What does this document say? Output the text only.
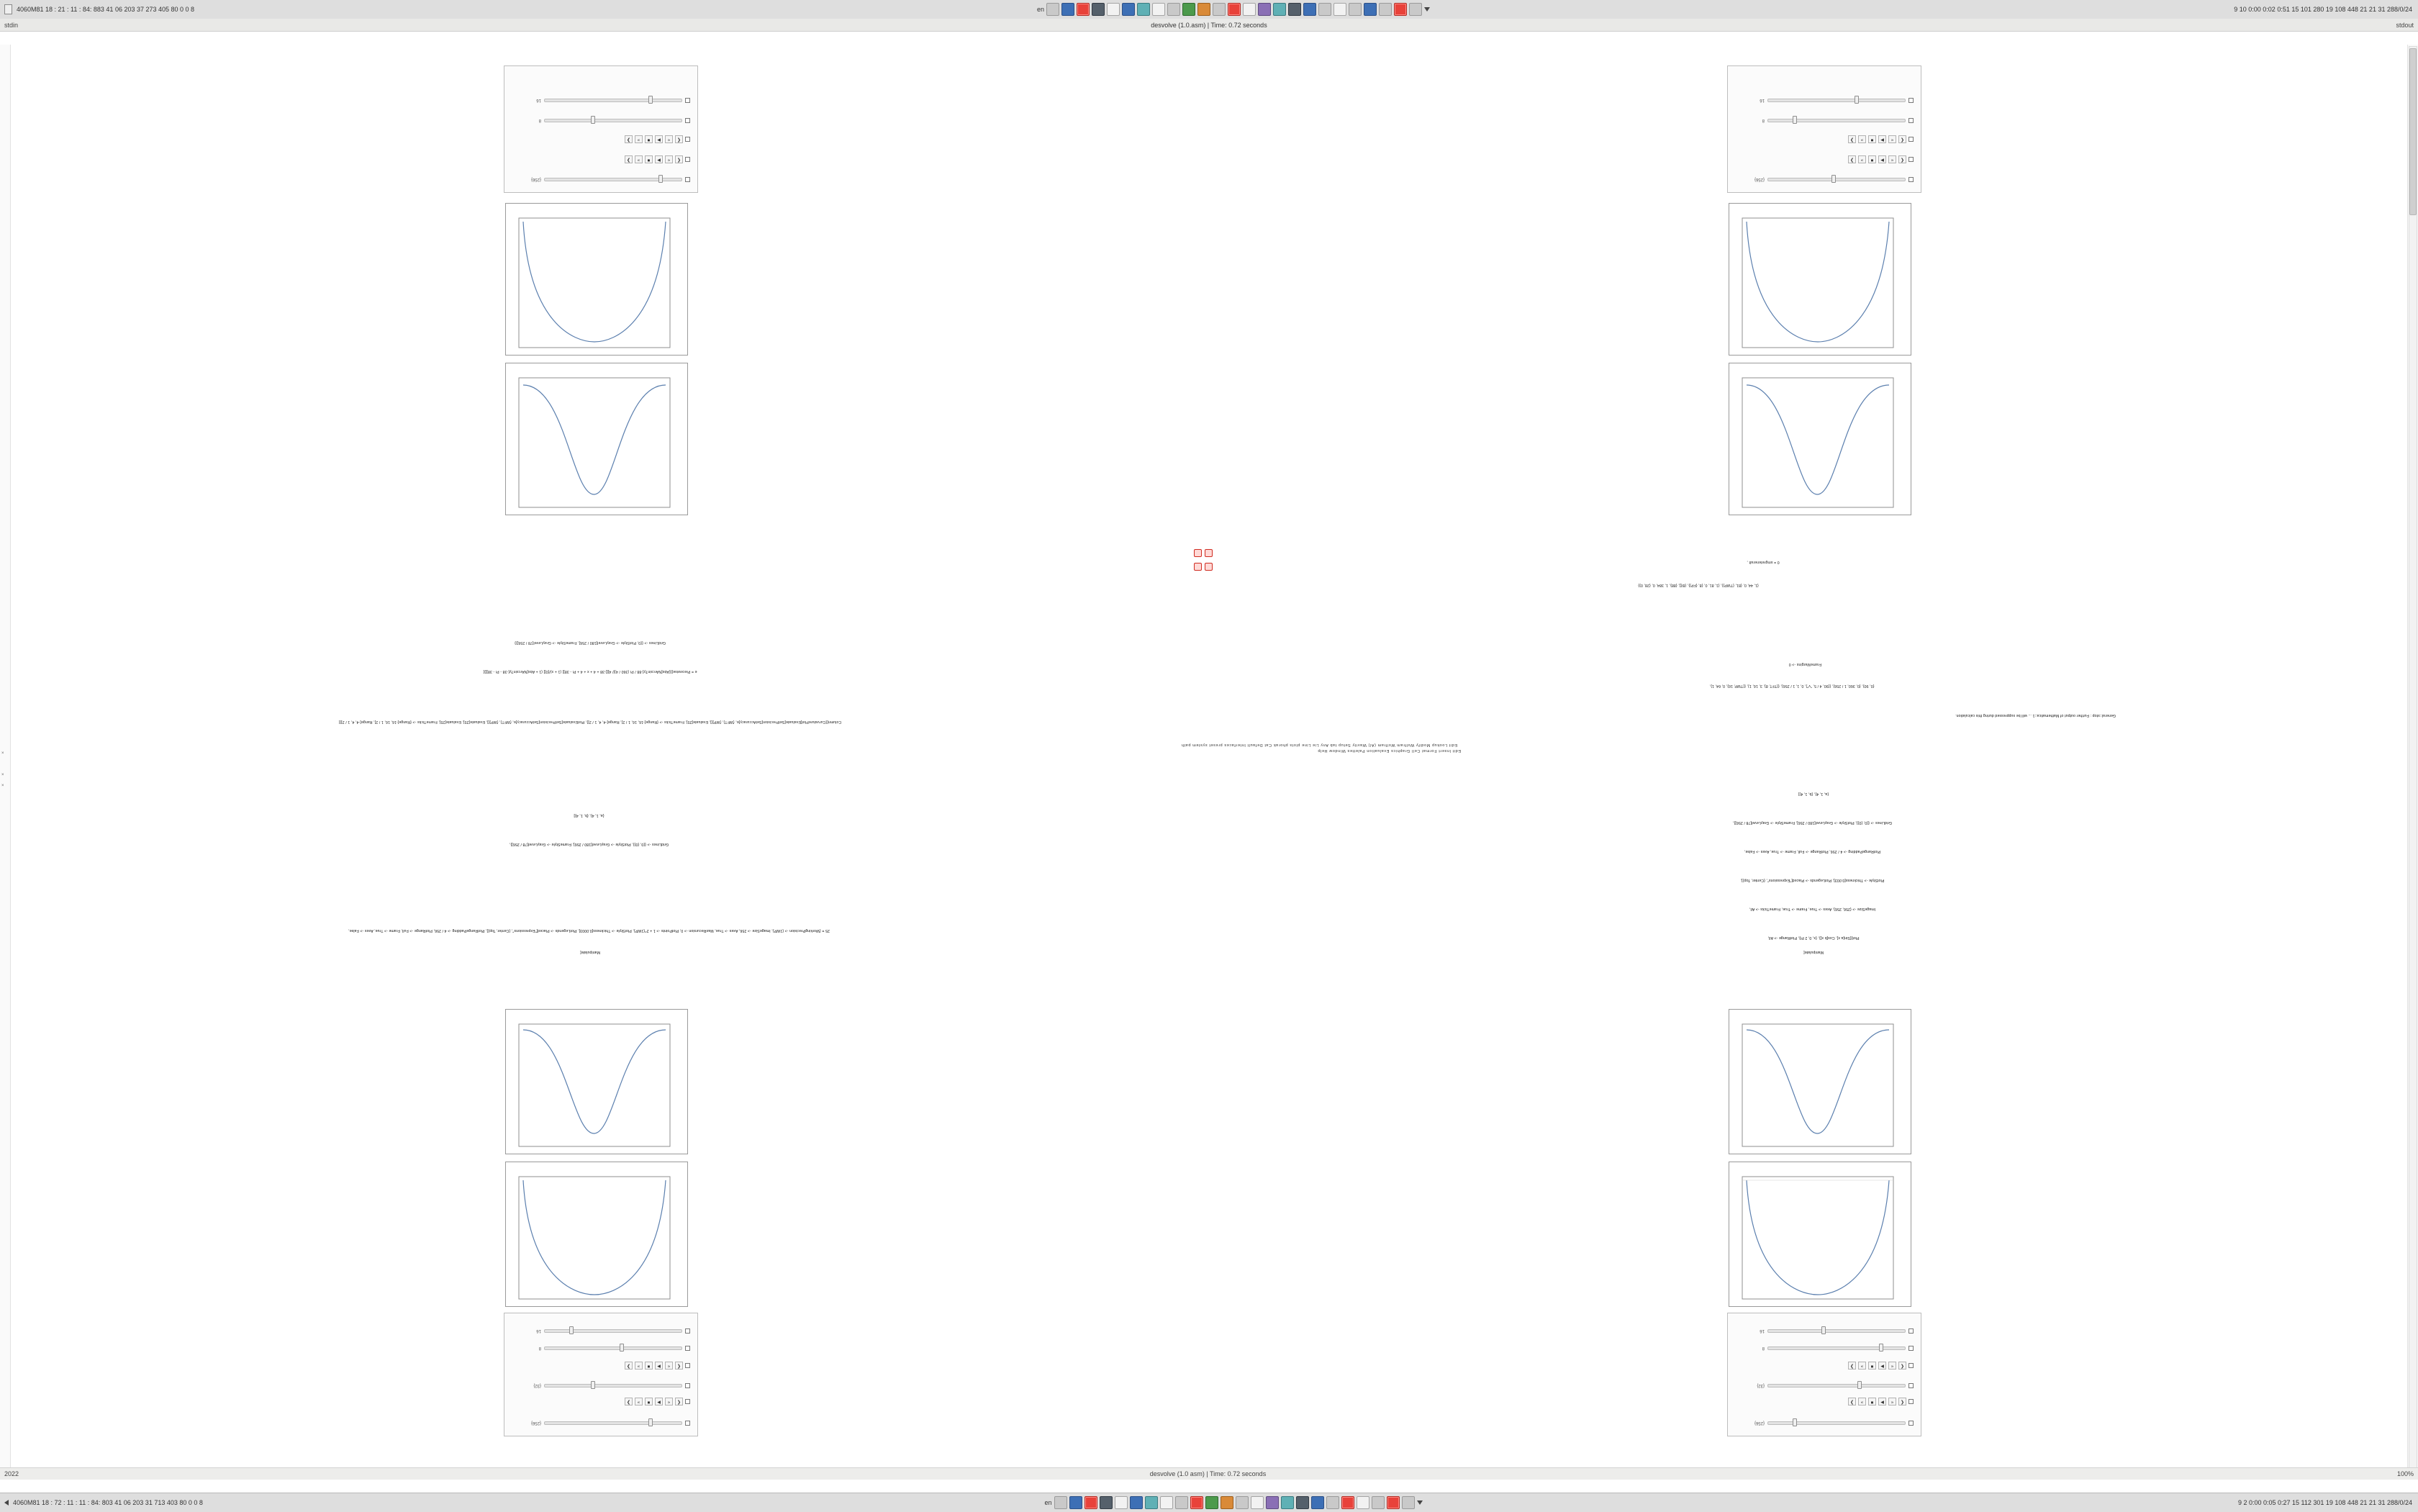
4060M81 18 : 21 : 11 : 84: 883 41 06 203 37 273 405 80 0 0 8	en	9 10 0:00 0:02 0:51 15 101 280 19 108 448 21 21 31 288/0/24
stdin	desvolve (1.0.asm) | Time: 0.72 seconds	stdout
{256}
❮
«
▶
■
»
❯
{32}
❮
«
▶
■
»
❯
8
16
{256}
❮
«
▶
■
»
❯
{32}
❮
«
▶
■
»
❯
8
16
{256}
❮
«
▶
■
»
❯
❮
«
▶
■
»
❯
8
16
{256}
❮
«
▶
■
»
❯
❮
«
▶
■
»
❯
8
16
Manipulate[
Plot[{Sin[a x], Cos[b x]}, {x, 0, 2 Pi}, PlotRange -> All,
ImageSize -> {256, 256}, Axes -> True, Frame -> True, FrameTicks -> All,
PlotStyle -> Thickness[0.003], PlotLegends -> Placed["Expressions", {Center, Top}],
PlotRangePadding -> 4 / 256, PlotRange -> Full, Frame -> True, Axes -> False,
GridLines -> {{0, {0}}, PlotStyle -> GrayLevel[180 / 256], FrameStyle -> GrayLevel[78 / 256]},
{a, 1, 4}, {b, 1, 4}]
Manipulate[
25 = {WorkingPrecision -> {1WP}, ImageSize -> 256, Axes -> True, MaxRecursion -> 0, PlotPoints -> 1 + 2^{1WP}, PlotStyle -> Thickness[0.0003], PlotLegends -> Placed["Expressions", {Center, Top}], PlotRangePadding -> 4 / 256, PlotRange -> Full, Frame -> True, Axes -> False,
GridLines -> {{0, {0}}, PlotStyle -> GrayLevel[180 / 256], FrameStyle -> GrayLevel[78 / 256]},
{a, 1, 4}, {b, 1, 4}]
{0, 90}, {0, 360, 1 / 256}, {{90, 4 / 5, "v"}, 0, 1, 1 / 256}, {{TFT, 8}, 3, 16, 1}, {{TWP, 16}, 0, 64, 1},
FrameMargins -> 0
Column[{CurvaturePlot[Evaluate[SetPrecision[SetAccuracy[e, {WFT}, {WP}]], Evaluate[25], FrameTicks -> {Range[-16, 16, 1 / 2], Range[-4, 4, 1 / 2]}, PlotEvaluate[SetPrecision[SetAccuracy[e, {WFT}, {WP}]], Evaluate[25], Evaluate[25], FrameTicks -> {Range[-16, 16, 1 / 2], Range[-4, 4, 1 / 2]}]
e = Piecewise[{{Abs[NArcsinTy[-88 / Pi (360 / 4)]/ 4][[-38 + 4 + x + 4 + Pi - 38]] (1 + x)/[0]] (1 + Abs[NArcsinTy[-38 - Pi - 38]]}]
GridLines -> {{0, PlotStyle -> GrayLevel[180 / 256], FrameStyle -> GrayLevel[78 / 256]}}
{1, 44, 0, {81, {TWP}}, {1, 81, 0, {8, {FP}}, {8/[], {88}, 1, 384, 0, {28, 0}}
0 = smgreteneralt ,
Edit Insert Format Cell Graphics Evaluation Palettes Window Help
Edit Lookup Modify Wolfram Wolfram (Al) Wavity Setup tab Any Lie Line plots phorak Cat Default Interfaces preset system path
General::stop : Further output of Mathematica::1 ... will be suppressed during this calculation.

×
×
×
2022	desvolve (1.0 asm) | Time: 0.72 seconds	100%
4060M81 18 : 72 : 11 : 11 : 84: 803 41 06 203 31 713 403 80 0 0 8	en	9 2 0:00 0:05 0:27 15 112 301 19 108 448 21 21 31 288/0/24
